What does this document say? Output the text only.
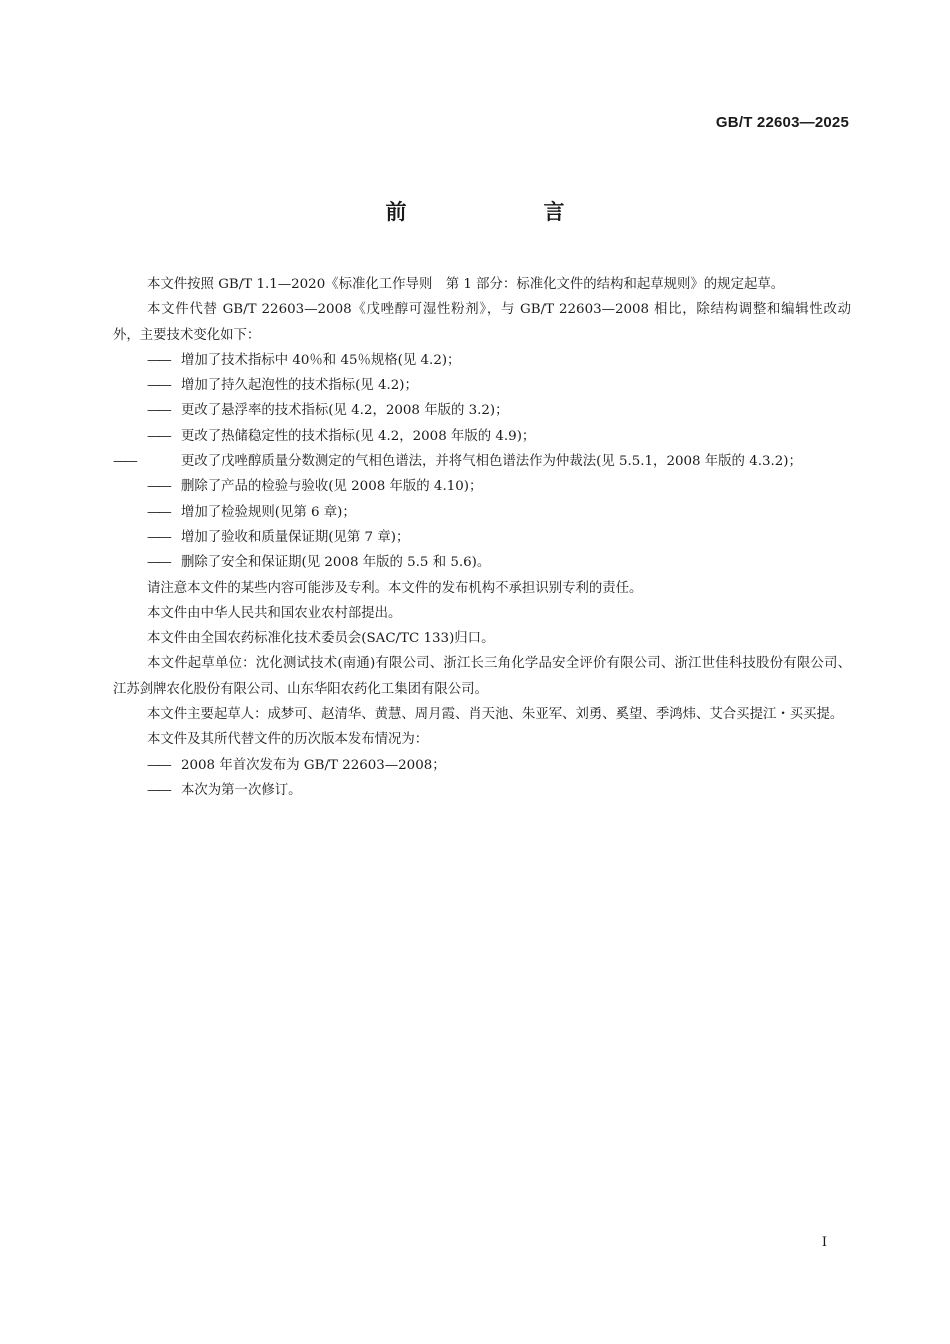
GB/T 22603—2025
前　言

本文件按照 GB/T 1.1—2020《标准化工作导则　第 1 部分：标准化文件的结构和起草规则》的规定起草。

本文件代替 GB/T 22603—2008《戊唑醇可湿性粉剂》，与 GB/T 22603—2008 相比，除结构调整和编辑性改动外，主要技术变化如下：

—— 增加了技术指标中 40％和 45％规格(见 4.2)；
—— 增加了持久起泡性的技术指标(见 4.2)；
—— 更改了悬浮率的技术指标(见 4.2，2008 年版的 3.2)；
—— 更改了热储稳定性的技术指标(见 4.2，2008 年版的 4.9)；
——	更改了戊唑醇质量分数测定的气相色谱法，并将气相色谱法作为仲裁法(见 5.5.1，2008 年版的 4.3.2)；
—— 删除了产品的检验与验收(见 2008 年版的 4.10)；
—— 增加了检验规则(见第 6 章)；
—— 增加了验收和质量保证期(见第 7 章)；
—— 删除了安全和保证期(见 2008 年版的 5.5 和 5.6)。

请注意本文件的某些内容可能涉及专利。本文件的发布机构不承担识别专利的责任。

本文件由中华人民共和国农业农村部提出。

本文件由全国农药标准化技术委员会(SAC/TC 133)归口。

本文件起草单位：沈化测试技术(南通)有限公司、浙江长三角化学品安全评价有限公司、浙江世佳科技股份有限公司、江苏剑牌农化股份有限公司、山东华阳农药化工集团有限公司。

本文件主要起草人：成梦可、赵清华、黄慧、周月霞、肖天池、朱亚军、刘勇、奚望、季鸿炜、艾合买提江・买买提。

本文件及其所代替文件的历次版本发布情况为：

—— 2008 年首次发布为 GB/T 22603—2008；
—— 本次为第一次修订。
I
